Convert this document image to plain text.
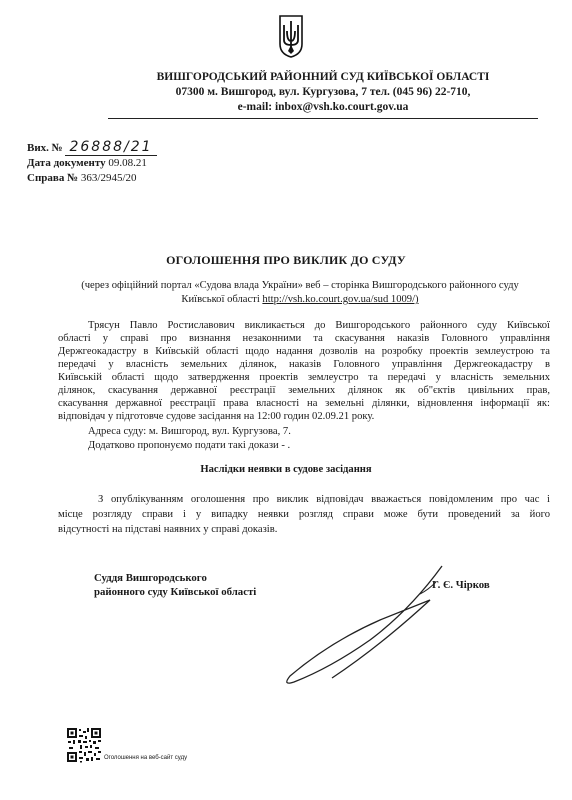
ВИШГОРОДСЬКИЙ РАЙОННИЙ СУД КИЇВСЬКОЇ ОБЛАСТІ
07300 м. Вишгород, вул. Кургузова, 7 тел. (045 96) 22-710,
e-mail: inbox@vsh.ko.court.gov.ua
Вих. № 26888/21
Дата документу 09.08.21
Справа № 363/2945/20
ОГОЛОШЕННЯ ПРО ВИКЛИК ДО СУДУ
(через офіційний портал «Судова влада України» веб – сторінка Вишгородського районного суду
Київської області http://vsh.ko.court.gov.ua/sud 1009/)
Трясун Павло Ростиславович викликається до Вишгородського районного суду Київської
області у справі про визнання незаконними та скасування наказів Головного управління
Держгеокадастру в Київській області щодо надання дозволів на розробку проектів землеустрою та
передачі у власність земельних ділянок, наказів Головного управління Держгеокадастру в
Київській області щодо затвердження проектів землеустро та передачі у власність земельних
ділянок, скасування державної реєстрації земельних ділянок як об"єктів цивільних прав,
скасування державної реєстрації права власності на земельні ділянки, відновлення інформації як:
відповідач у підготовче судове засідання на 12:00 годин 02.09.21 року.
Адреса суду: м. Вишгород, вул. Кургузова, 7.
Додатково пропонуємо подати такі докази - .
Наслідки неявки в судове засідання
З опублікуванням оголошення про виклик відповідач вважається повідомленим про час і
місце розгляду справи і у випадку неявки розгляд справи може бути проведений за його
відсутності на підставі наявних у справі доказів.
Суддя Вишгородського
районного суду Київської області
Г. Є. Чірков
Оголошення на веб-сайт суду
